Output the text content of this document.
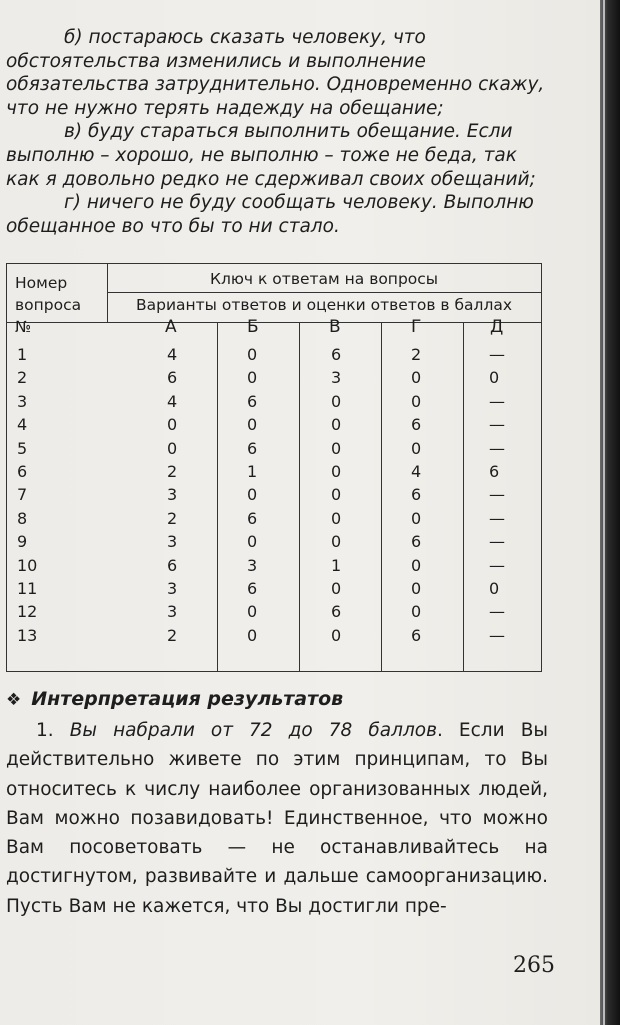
б) постараюсь сказать человеку, что обстоятельства изменились и выполнение обязательства затруднительно. Одновременно скажу, что не нужно терять надежду на обещание;

в) буду стараться выполнить обещание. Если выполню – хорошо, не выполню – тоже не беда, так как я довольно редко не сдерживал своих обещаний;

г) ничего не буду сообщать человеку. Выполню обещанное во что бы то ни стало.

Номер вопроса №
Ключ к ответам на вопросы
Варианты ответов и оценки ответов в баллах
А	Б	В	Г	Д
1	4	0	6	2	—
2	6	0	3	0	0
3	4	6	0	0	—
4	0	0	0	6	—
5	0	6	0	0	—
6	2	1	0	4	6
7	3	0	0	6	—
8	2	6	0	0	—
9	3	0	0	6	—
10	6	3	1	0	—
11	3	6	0	0	0
12	3	0	6	0	—
13	2	0	0	6	—
❖ Интерпретация результатов

1. Вы набрали от 72 до 78 баллов. Если Вы действительно живете по этим принципам, то Вы относитесь к числу наиболее организованных людей, Вам можно позавидовать! Единственное, что можно Вам посоветовать — не останавливайтесь на достигнутом, развивайте и дальше самоорганизацию. Пусть Вам не кажется, что Вы достигли пре-

265
